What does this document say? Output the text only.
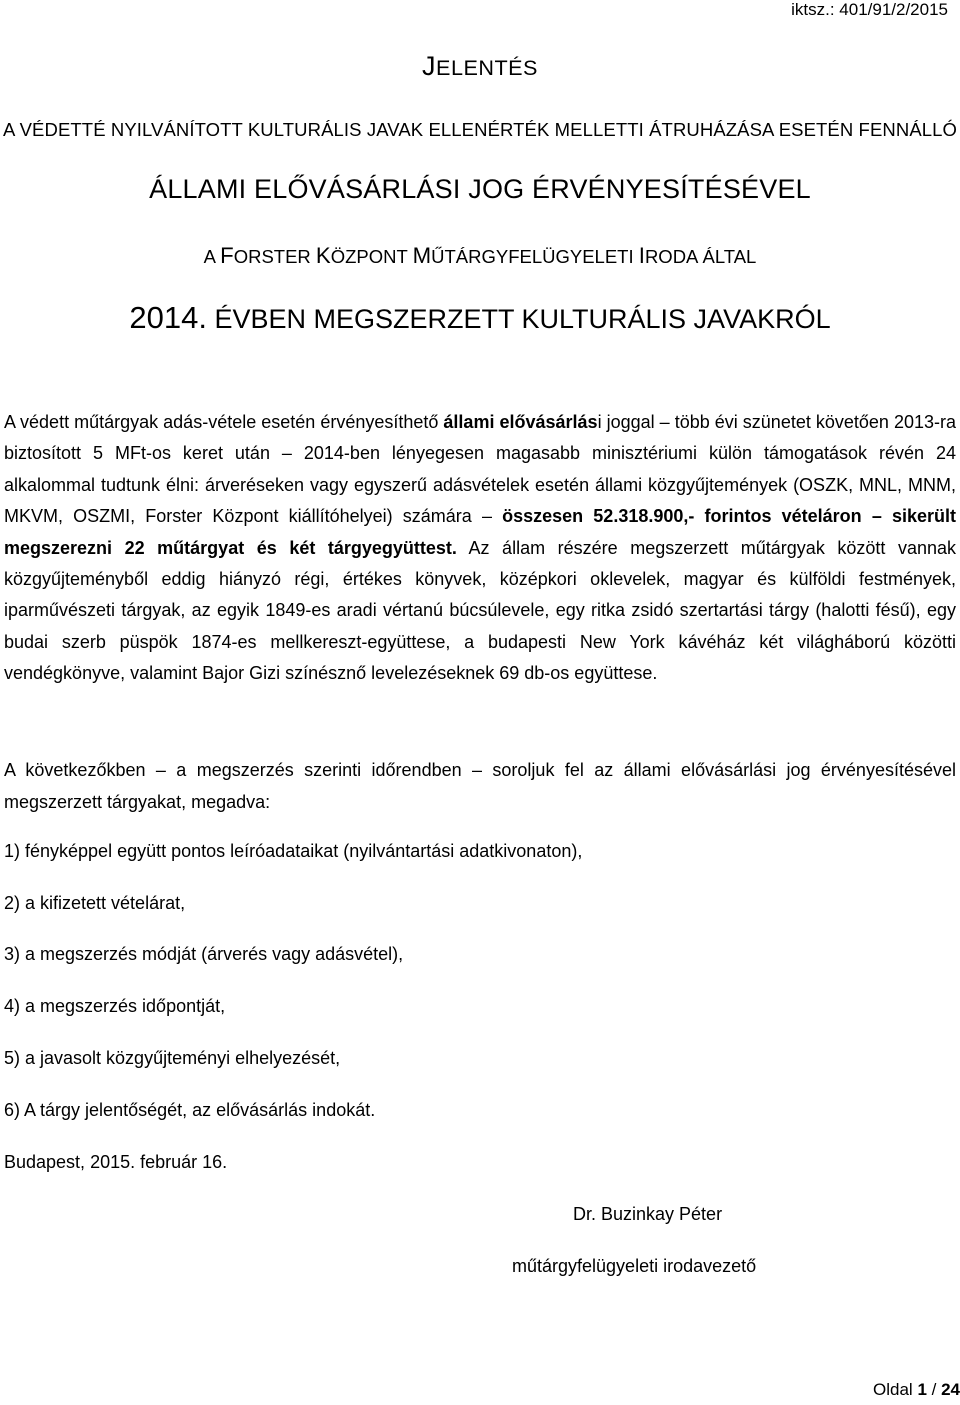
iktsz.: 401/91/2/2015
JELENTÉS
A VÉDETTÉ NYILVÁNÍTOTT KULTURÁLIS JAVAK ELLENÉRTÉK MELLETTI ÁTRUHÁZÁSA ESETÉN FENNÁLLÓ
ÁLLAMI ELŐVÁSÁRLÁSI JOG ÉRVÉNYESÍTÉSÉVEL
A FORSTER KÖZPONT MŰTÁRGYFELÜGYELETI IRODA ÁLTAL
2014. ÉVBEN MEGSZERZETT KULTURÁLIS JAVAKRÓL

A védett műtárgyak adás-vétele esetén érvényesíthető állami elővásárlási joggal – több évi szünetet követően 2013-ra biztosított 5 MFt-os keret után – 2014-ben lényegesen magasabb minisztériumi külön támogatások révén 24 alkalommal tudtunk élni: árveréseken vagy egyszerű adásvételek esetén állami közgyűjtemények (OSZK, MNL, MNM, MKVM, OSZMI, Forster Központ kiállítóhelyei) számára – összesen 52.318.900,- forintos vételáron – sikerült megszerezni 22 műtárgyat és két tárgyegyüttest. Az állam részére megszerzett műtárgyak között vannak közgyűjteményből eddig hiányzó régi, értékes könyvek, középkori oklevelek, magyar és külföldi festmények, iparművészeti tárgyak, az egyik 1849-es aradi vértanú búcsúlevele, egy ritka zsidó szertartási tárgy (halotti fésű), egy budai szerb püspök 1874-es mellkereszt-együttese, a budapesti New York kávéház két világháború közötti vendégkönyve, valamint Bajor Gizi színésznő levelezéseknek 69 db-os együttese.

A következőkben – a megszerzés szerinti időrendben – soroljuk fel az állami elővásárlási jog érvényesítésével megszerzett tárgyakat, megadva:

1) fényképpel együtt pontos leíróadataikat (nyilvántartási adatkivonaton),
2) a kifizetett vételárat,
3) a megszerzés módját (árverés vagy adásvétel),
4) a megszerzés időpontját,
5) a javasolt közgyűjteményi elhelyezését,
6) A tárgy jelentőségét, az elővásárlás indokát.
Budapest, 2015. február 16.
Dr. Buzinkay Péter
műtárgyfelügyeleti irodavezető
Oldal 1 / 24
